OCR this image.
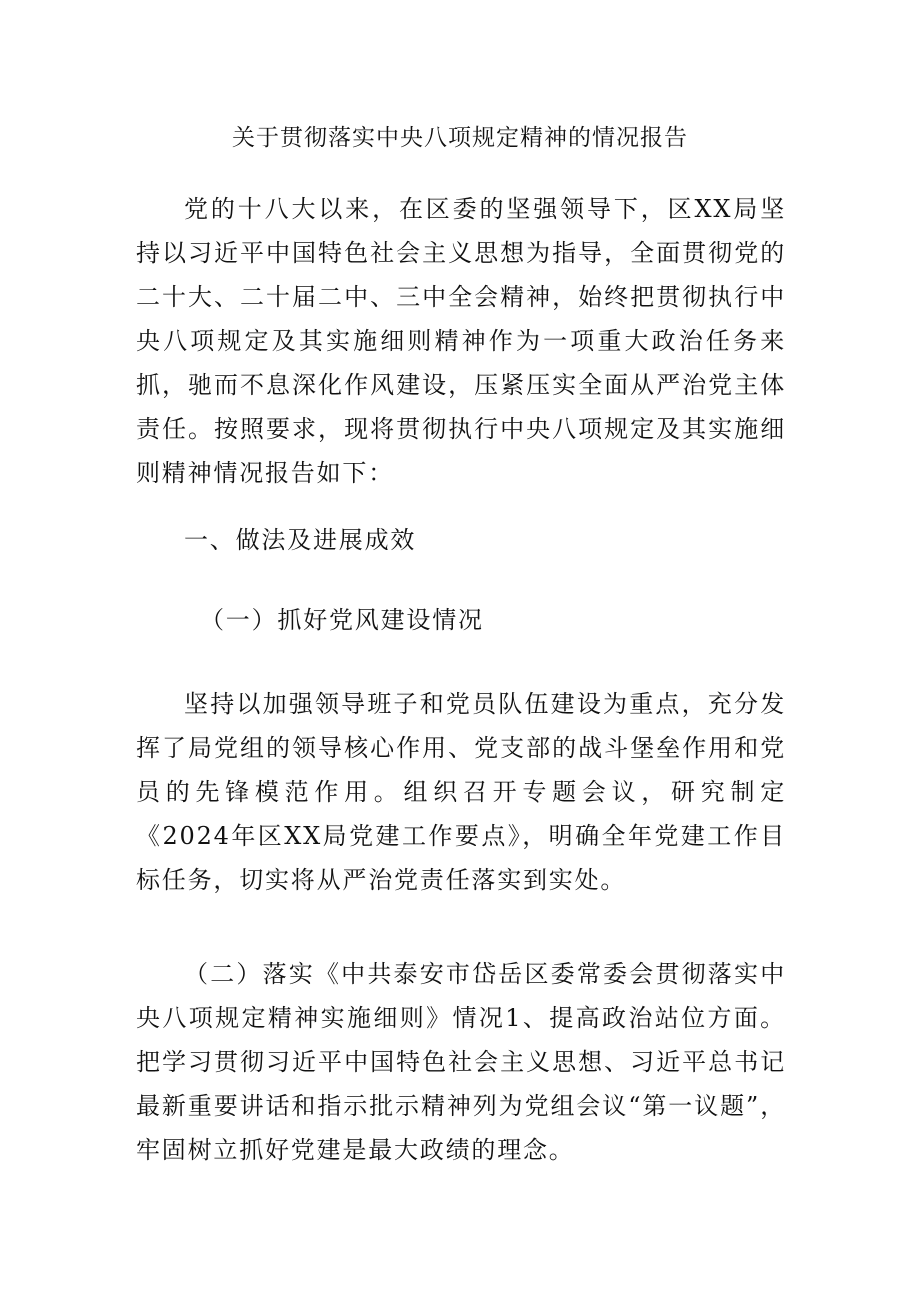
关于贯彻落实中央八项规定精神的情况报告

党的十八大以来，在区委的坚强领导下，区XX局坚持以习近平中国特色社会主义思想为指导，全面贯彻党的二十大、二十届二中、三中全会精神，始终把贯彻执行中央八项规定及其实施细则精神作为一项重大政治任务来抓，驰而不息深化作风建设，压紧压实全面从严治党主体责任。按照要求，现将贯彻执行中央八项规定及其实施细则精神情况报告如下：

一、做法及进展成效
（一）抓好党风建设情况

坚持以加强领导班子和党员队伍建设为重点，充分发挥了局党组的领导核心作用、党支部的战斗堡垒作用和党员的先锋模范作用。组织召开专题会议，研究制定《2024年区XX局党建工作要点》，明确全年党建工作目标任务，切实将从严治党责任落实到实处。

（二）落实《中共泰安市岱岳区委常委会贯彻落实中央八项规定精神实施细则》情况1、提高政治站位方面。把学习贯彻习近平中国特色社会主义思想、习近平总书记最新重要讲话和指示批示精神列为党组会议“第一议题”，牢固树立抓好党建是最大政绩的理念。
